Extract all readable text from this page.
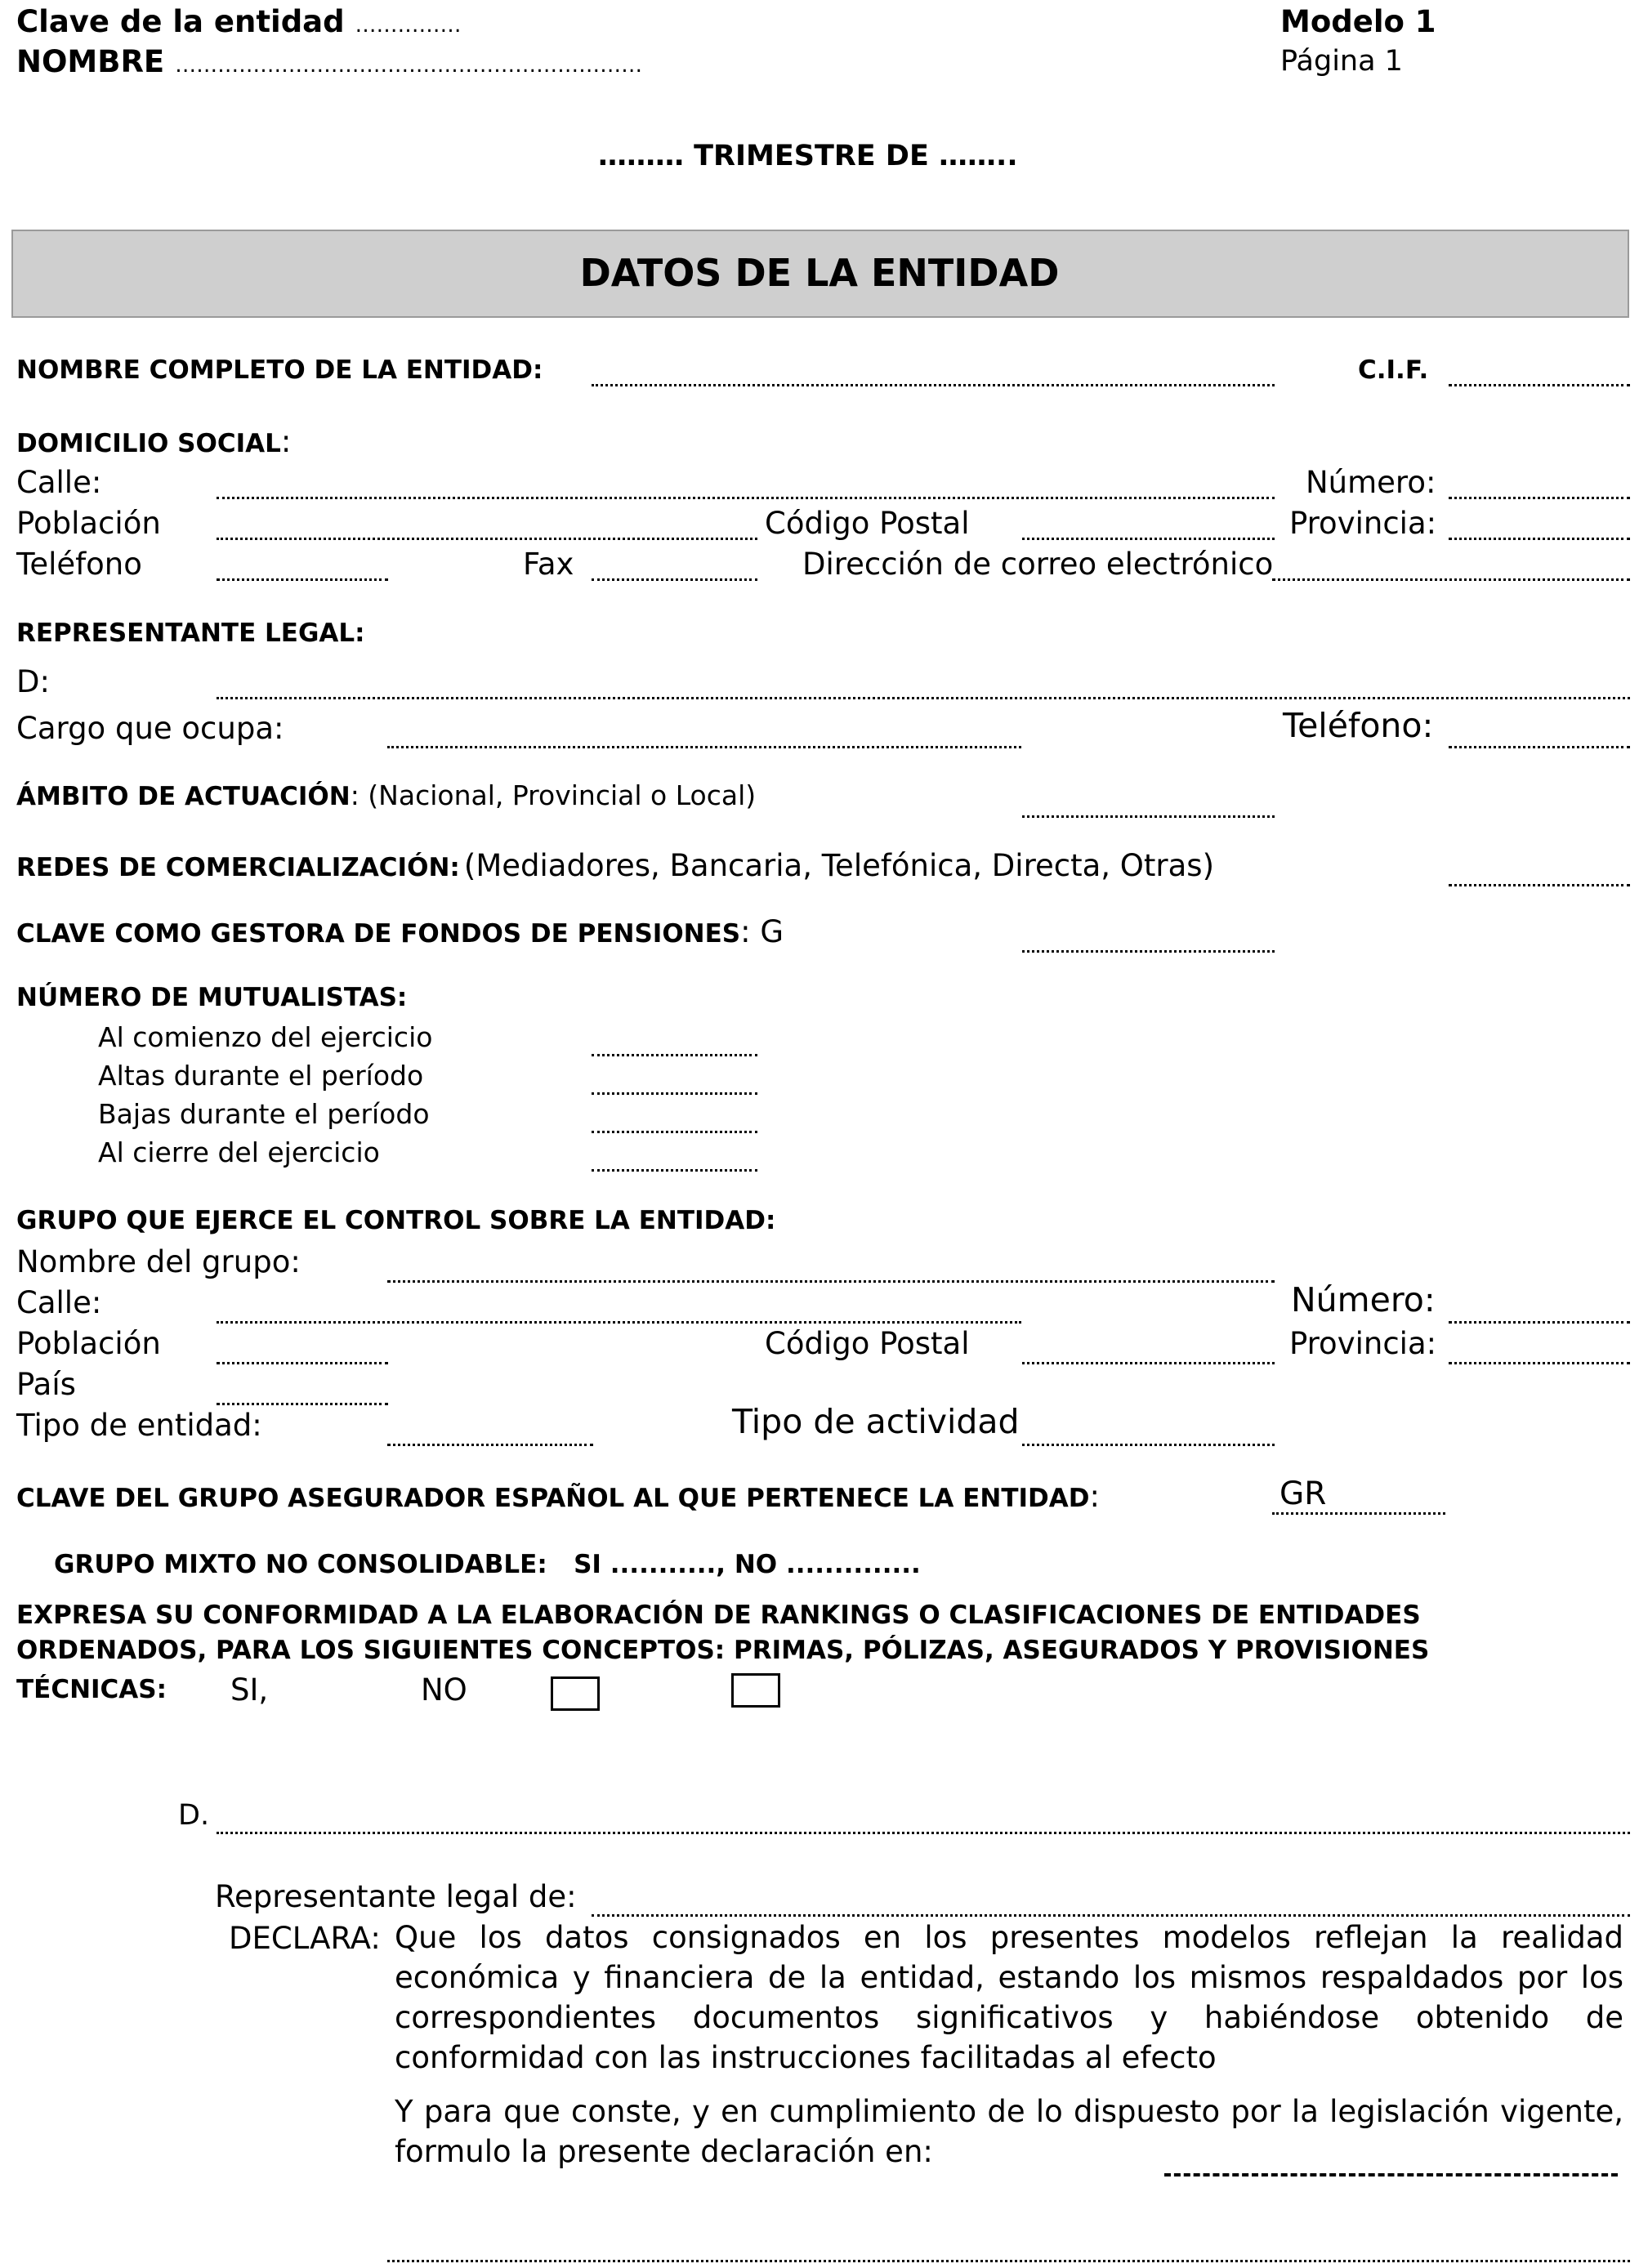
Clave de la entidad ……………
NOMBRE …………………………………………………………
Modelo 1
Página 1
……… TRIMESTRE DE ……..
DATOS DE LA ENTIDAD
NOMBRE COMPLETO DE LA ENTIDAD:	C.I.F.
DOMICILIO SOCIAL:
Calle:	Número:
Población	Código Postal	Provincia:
Teléfono	Fax	Dirección de correo electrónico
REPRESENTANTE LEGAL:
D:
Cargo que ocupa:	Teléfono:
ÁMBITO DE ACTUACIÓN: (Nacional, Provincial o Local)
REDES DE COMERCIALIZACIÓN: (Mediadores, Bancaria, Telefónica, Directa, Otras)
CLAVE COMO GESTORA DE FONDOS DE PENSIONES: G
NÚMERO DE MUTUALISTAS:
Al comienzo del ejercicio
Altas durante el período
Bajas durante el período
Al cierre del ejercicio
GRUPO QUE EJERCE EL CONTROL SOBRE LA ENTIDAD:
Nombre del grupo:
Calle:	Número:
Población	Código Postal	Provincia:
País
Tipo de entidad:	Tipo de actividad
CLAVE DEL GRUPO ASEGURADOR ESPAÑOL AL QUE PERTENECE LA ENTIDAD:	GR
GRUPO MIXTO NO CONSOLIDABLE:   SI ..........., NO ..............
EXPRESA SU CONFORMIDAD A LA ELABORACIÓN DE RANKINGS O CLASIFICACIONES DE ENTIDADES
ORDENADOS, PARA LOS SIGUIENTES CONCEPTOS: PRIMAS, PÓLIZAS, ASEGURADOS Y PROVISIONES
TÉCNICAS: SI,	NO
D.
Representante legal de:
DECLARA: Que los datos consignados en los presentes modelos reflejan la realidad económica y financiera de la entidad, estando los mismos respaldados por los correspondientes documentos significativos y habiéndose obtenido de conformidad con las instrucciones facilitadas al efecto
Y para que conste, y en cumplimiento de lo dispuesto por la legislación vigente, formulo la presente declaración en:
